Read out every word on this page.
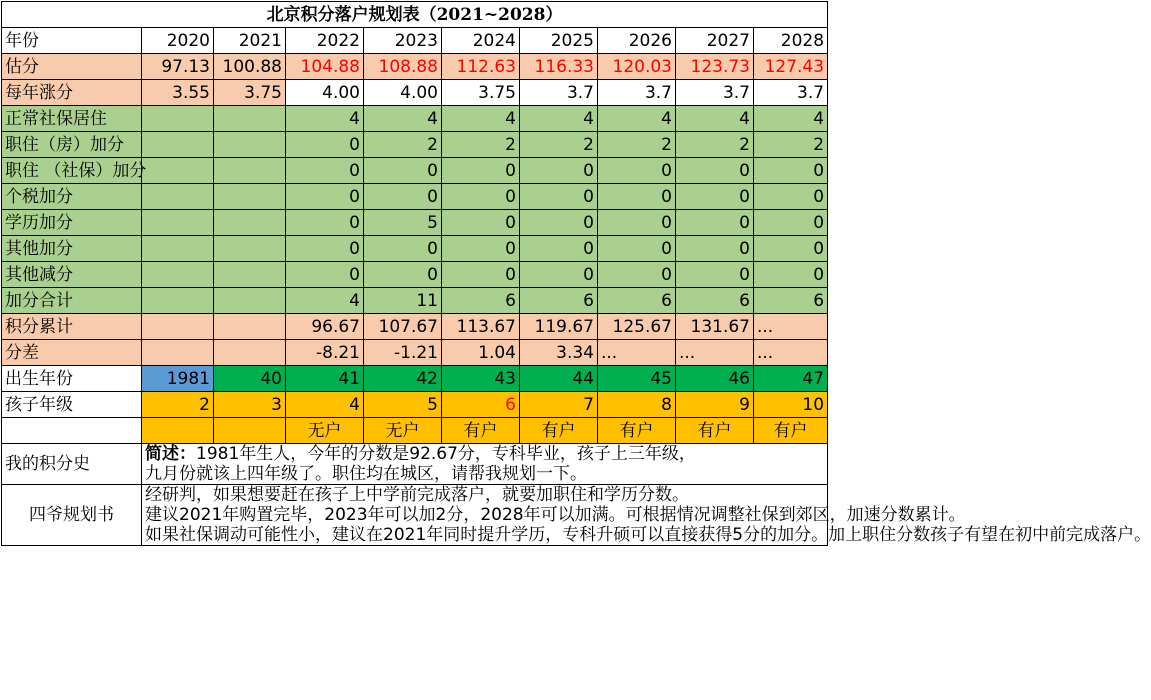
北京积分落户规划表（2021~2028）									
年份	2020	2021	2022	2023	2024	2025	2026	2027	2028
估分	97.13	100.88	104.88	108.88	112.63	116.33	120.03	123.73	127.43
每年涨分	3.55	3.75	4.00	4.00	3.75	3.7	3.7	3.7	3.7
正常社保居住			4	4	4	4	4	4	4
职住（房）加分			0	2	2	2	2	2	2
职住 （社保）加分			0	0	0	0	0	0	0
个税加分			0	0	0	0	0	0	0
学历加分			0	5	0	0	0	0	0
其他加分			0	0	0	0	0	0	0
其他减分			0	0	0	0	0	0	0
加分合计			4	11	6	6	6	6	6
积分累计			96.67	107.67	113.67	119.67	125.67	131.67	...
分差			-8.21	-1.21	1.04	3.34	...	...	...
出生年份	1981	40	41	42	43	44	45	46	47
孩子年级	2	3	4	5	6	7	8	9	10
			无户	无户	有户	有户	有户	有户	有户
我的积分史	简述：1981年生人，今年的分数是92.67分，专科毕业，孩子上三年级，
九月份就该上四年级了。职住均在城区，请帮我规划一下。								

四爷规划书	经研判，如果想要赶在孩子上中学前完成落户，就要加职住和学历分数。
建议2021年购置完毕，2023年可以加2分，2028年可以加满。可根据情况调整社保到郊区，加速分数累计。
如果社保调动可能性小，建议在2021年同时提升学历，专科升硕可以直接获得5分的加分。加上职住分数孩子有望在初中前完成落户。								
